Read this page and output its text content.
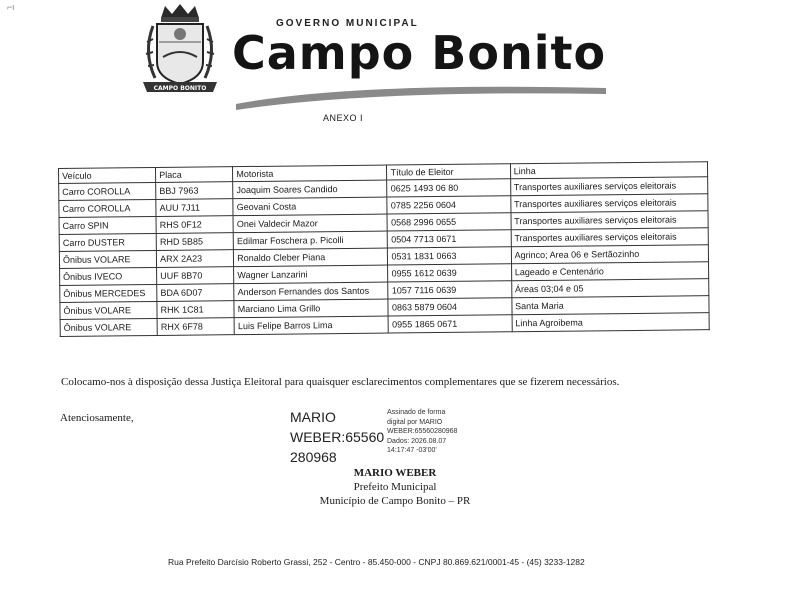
⌐ι
CAMPO BONITO
GOVERNO MUNICIPAL
Campo Bonito
ANEXO I
Veículo	Placa	Motorista	Título de Eleitor	Linha
Carro COROLLA	BBJ 7963	Joaquim Soares Candido	0625 1493 06 80	Transportes auxiliares serviços eleitorais
Carro COROLLA	AUU 7J11	Geovani Costa	0785 2256 0604	Transportes auxiliares serviços eleitorais
Carro SPIN	RHS 0F12	Onei Valdecir Mazor	0568 2996 0655	Transportes auxiliares serviços eleitorais
Carro DUSTER	RHD 5B85	Edilmar Foschera p. Picolli	0504 7713 0671	Transportes auxiliares serviços eleitorais
Ônibus VOLARE	ARX 2A23	Ronaldo Cleber Piana	0531 1831 0663	Agrinco; Area 06 e Sertãozinho
Ônibus IVECO	UUF 8B70	Wagner Lanzarini	0955 1612 0639	Lageado e Centenário
Ônibus MERCEDES	BDA 6D07	Anderson Fernandes dos Santos	1057 7116 0639	Áreas 03;04 e 05
Ônibus VOLARE	RHK 1C81	Marciano Lima Grillo	0863 5879 0604	Santa Maria
Ônibus VOLARE	RHX 6F78	Luis Felipe Barros Lima	0955 1865 0671	Linha Agroibema
Colocamo-nos à disposição dessa Justiça Eleitoral para quaisquer esclarecimentos complementares que se fizerem necessários.
Atenciosamente,	MARIO
WEBER:65560
280968
Assinado de forma
digital por MARIO
WEBER:65560280968
Dados: 2026.08.07
14:17:47 -03'00'
MARIO WEBER
Prefeito Municipal
Município de Campo Bonito – PR
Rua Prefeito Darcísio Roberto Grassi, 252 - Centro - 85.450-000 - CNPJ 80.869.621/0001-45 - (45) 3233-1282
